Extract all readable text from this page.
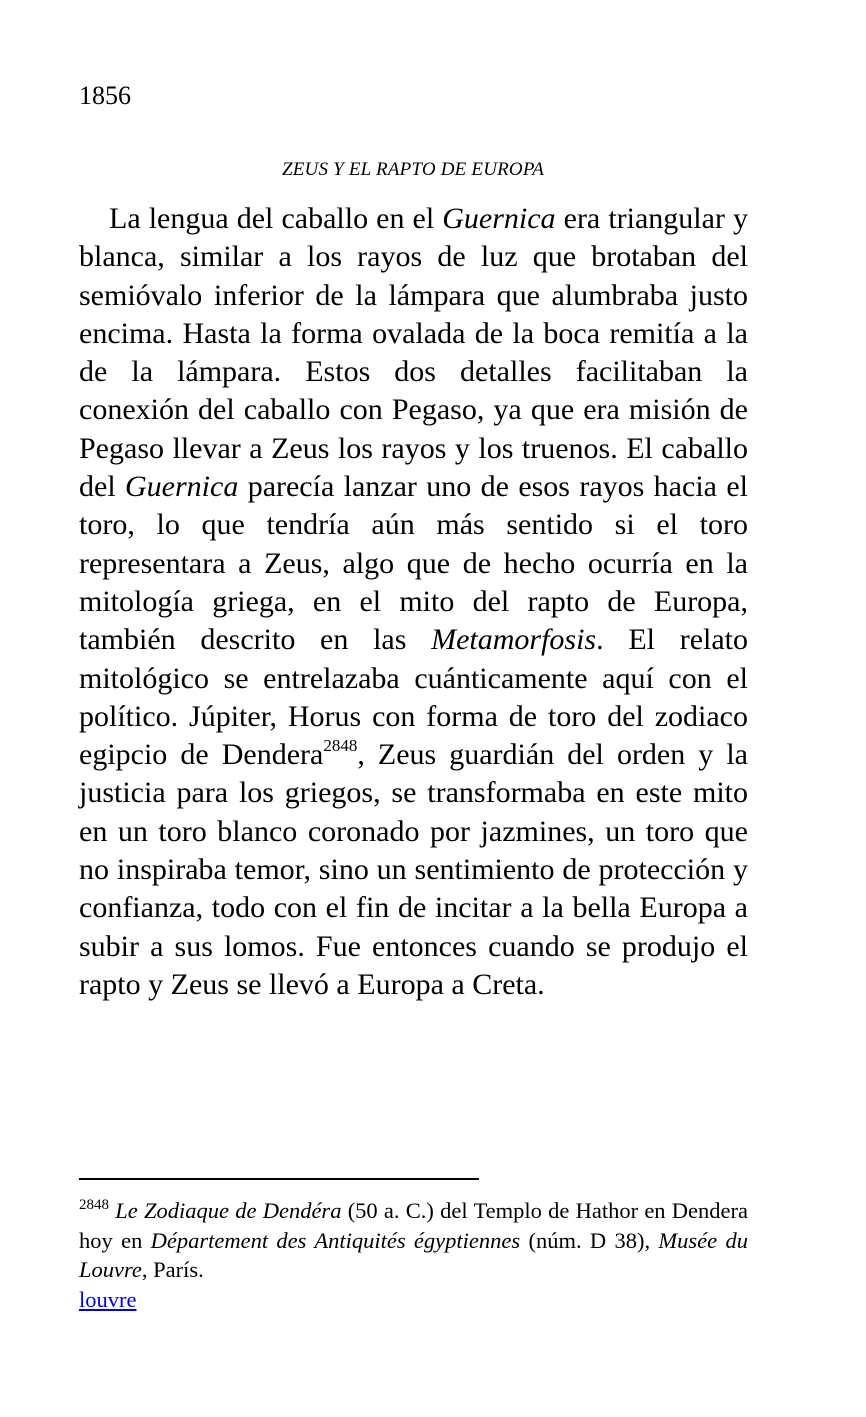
1856
ZEUS Y EL RAPTO DE EUROPA

La lengua del caballo en el Guernica era triangular y blanca, similar a los rayos de luz que brotaban del semióvalo inferior de la lámpara que alumbraba justo encima. Hasta la forma ovalada de la boca remitía a la de la lámpara. Estos dos detalles facilitaban la conexión del caballo con Pegaso, ya que era misión de Pegaso llevar a Zeus los rayos y los truenos. El caballo del Guernica parecía lanzar uno de esos rayos hacia el toro, lo que tendría aún más sentido si el toro representara a Zeus, algo que de hecho ocurría en la mitología griega, en el mito del rapto de Europa, también descrito en las Metamorfosis. El relato mitológico se entrelazaba cuánticamente aquí con el político. Júpiter, Horus con forma de toro del zodiaco egipcio de Dendera$^{2848}$, Zeus guardián del orden y la justicia para los griegos, se transformaba en este mito en un toro blanco coronado por jazmines, un toro que no inspiraba temor, sino un sentimiento de protección y confianza, todo con el fin de incitar a la bella Europa a subir a sus lomos. Fue entonces cuando se produjo el rapto y Zeus se llevó a Europa a Creta.

$^{2848}$ Le Zodiaque de Dendéra (50 a. C.) del Templo de Hathor en Dendera hoy en Département des Antiquités égyptiennes (núm. D 38), Musée du Louvre, París.

louvre
